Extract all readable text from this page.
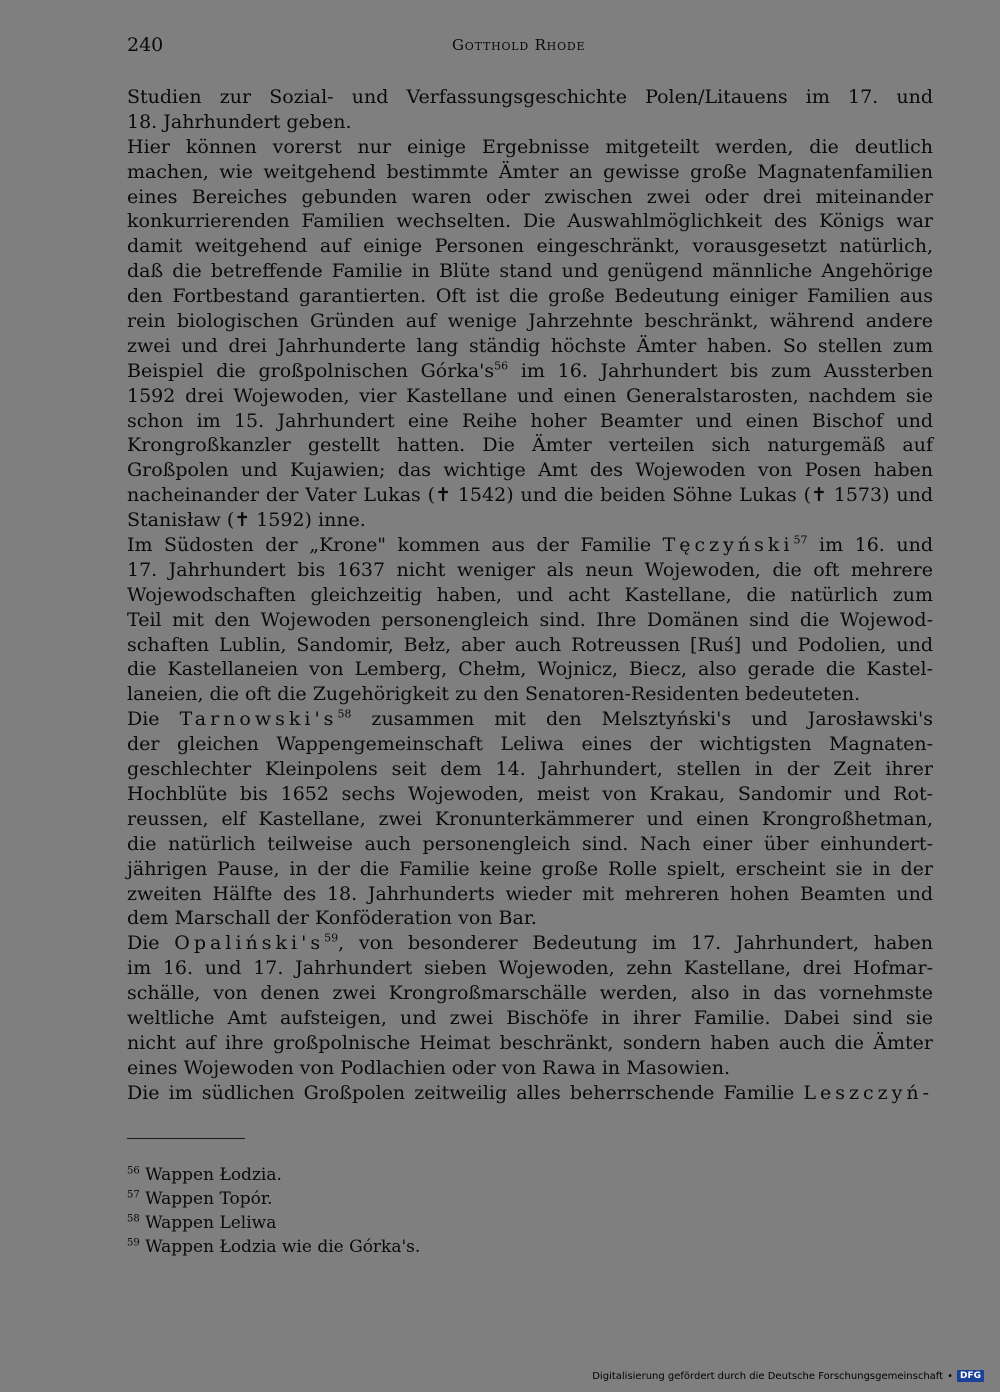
240	Gotthold Rhode
Studien zur Sozial- und Verfassungsgeschichte Polen/Litauens im 17. und
18. Jahrhundert geben.
Hier können vorerst nur einige Ergebnisse mitgeteilt werden, die deutlich
machen, wie weitgehend bestimmte Ämter an gewisse große Magnatenfamilien
eines Bereiches gebunden waren oder zwischen zwei oder drei miteinander
konkurrierenden Familien wechselten. Die Auswahlmöglichkeit des Königs war
damit weitgehend auf einige Personen eingeschränkt, vorausgesetzt natürlich,
daß die betreffende Familie in Blüte stand und genügend männliche Angehörige
den Fortbestand garantierten. Oft ist die große Bedeutung einiger Familien aus
rein biologischen Gründen auf wenige Jahrzehnte beschränkt, während andere
zwei und drei Jahrhunderte lang ständig höchste Ämter haben. So stellen zum
Beispiel die großpolnischen $Górka's^{56}$ im 16. Jahrhundert bis zum Aussterben
1592 drei Wojewoden, vier Kastellane und einen Generalstarosten, nachdem sie
schon im 15. Jahrhundert eine Reihe hoher Beamter und einen Bischof und
Krongroßkanzler gestellt hatten. Die Ämter verteilen sich naturgemäß auf
Großpolen und Kujawien; das wichtige Amt des Wojewoden von Posen haben
nacheinander der Vater Lukas (✝ 1542) und die beiden Söhne Lukas (✝ 1573) und
Stanisław (✝ 1592) inne.
Im Südosten der „Krone" kommen aus der Familie Tęczyński$^{57}$ im 16. und
17. Jahrhundert bis 1637 nicht weniger als neun Wojewoden, die oft mehrere
Wojewodschaften gleichzeitig haben, und acht Kastellane, die natürlich zum
Teil mit den Wojewoden personengleich sind. Ihre Domänen sind die Wojewod-
schaften Lublin, Sandomir, Bełz, aber auch Rotreussen [Ruś] und Podolien, und
die Kastellaneien von Lemberg, Chełm, Wojnicz, Biecz, also gerade die Kastel-
laneien, die oft die Zugehörigkeit zu den Senatoren-Residenten bedeuteten.
Die $Tarnowski's^{58}$ zusammen mit den Melsztyński's und Jarosławski's
der gleichen Wappengemeinschaft Leliwa eines der wichtigsten Magnaten-
geschlechter Kleinpolens seit dem 14. Jahrhundert, stellen in der Zeit ihrer
Hochblüte bis 1652 sechs Wojewoden, meist von Krakau, Sandomir und Rot-
reussen, elf Kastellane, zwei Kronunterkämmerer und einen Krongroßhetman,
die natürlich teilweise auch personengleich sind. Nach einer über einhundert-
jährigen Pause, in der die Familie keine große Rolle spielt, erscheint sie in der
zweiten Hälfte des 18. Jahrhunderts wieder mit mehreren hohen Beamten und
dem Marschall der Konföderation von Bar.
Die $Opaliński's^{59}$, von besonderer Bedeutung im 17. Jahrhundert, haben
im 16. und 17. Jahrhundert sieben Wojewoden, zehn Kastellane, drei Hofmar-
schälle, von denen zwei Krongroßmarschälle werden, also in das vornehmste
weltliche Amt aufsteigen, und zwei Bischöfe in ihrer Familie. Dabei sind sie
nicht auf ihre großpolnische Heimat beschränkt, sondern haben auch die Ämter
eines Wojewoden von Podlachien oder von Rawa in Masowien.
Die im südlichen Großpolen zeitweilig alles beherrschende Familie Leszczyń-
$^{56}$ Wappen Łodzia.
$^{57}$ Wappen Topór.
$^{58}$ Wappen Leliwa
$^{59}$ Wappen Łodzia wie die Górka's.
Digitalisierung gefördert durch die Deutsche Forschungsgemeinschaft • DFG
